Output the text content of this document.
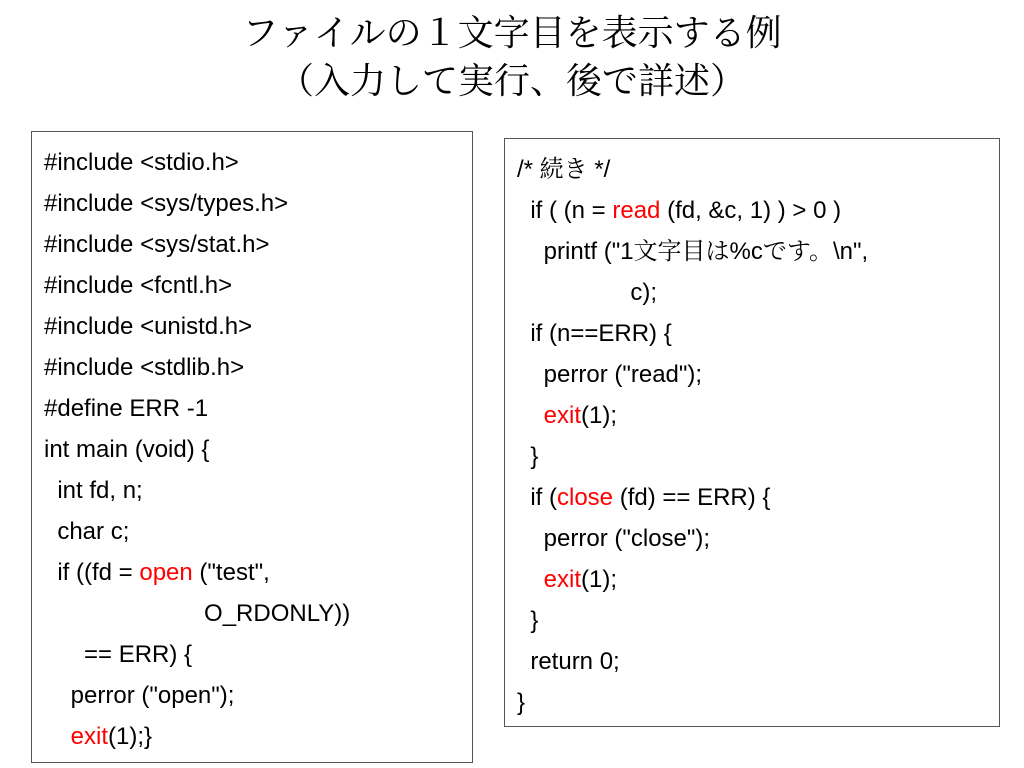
ファイルの１文字目を表示する例
（入力して実行、後で詳述）
#include <stdio.h>
#include <sys/types.h>
#include <sys/stat.h>
#include <fcntl.h>
#include <unistd.h>
#include <stdlib.h>
#define ERR -1
int main (void) {
int fd, n;
char c;
if ((fd = open ("test",
O_RDONLY))
== ERR) {
perror ("open");
exit(1);}
/* 続き */
if ( (n = read (fd, &c, 1) ) > 0 )
printf ("1文字目は%cです。\n",
c);
if (n==ERR) {
perror ("read");
exit(1);
}
if (close (fd) == ERR) {
perror ("close");
exit(1);
}
return 0;
}
